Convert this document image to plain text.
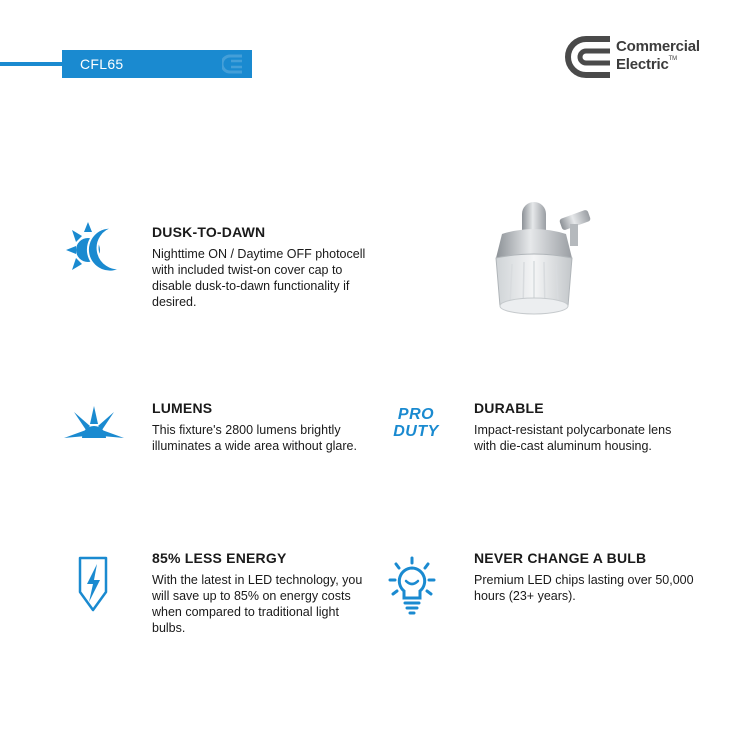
CFL65
Commercial
Electric™
DUSK-TO-DAWN

Nighttime ON / Daytime OFF photocell with included twist-on cover cap to disable dusk-to-dawn functionality if desired.

LUMENS

This fixture's 2800 lumens brightly illuminates a wide area without glare.

PRO
DUTY
DURABLE

Impact-resistant polycarbonate lens with die-cast aluminum housing.

85% LESS ENERGY

With the latest in LED technology, you will save up to 85% on energy costs when compared to traditional light bulbs.

NEVER CHANGE A BULB

Premium LED chips lasting over 50,000 hours (23+ years).
